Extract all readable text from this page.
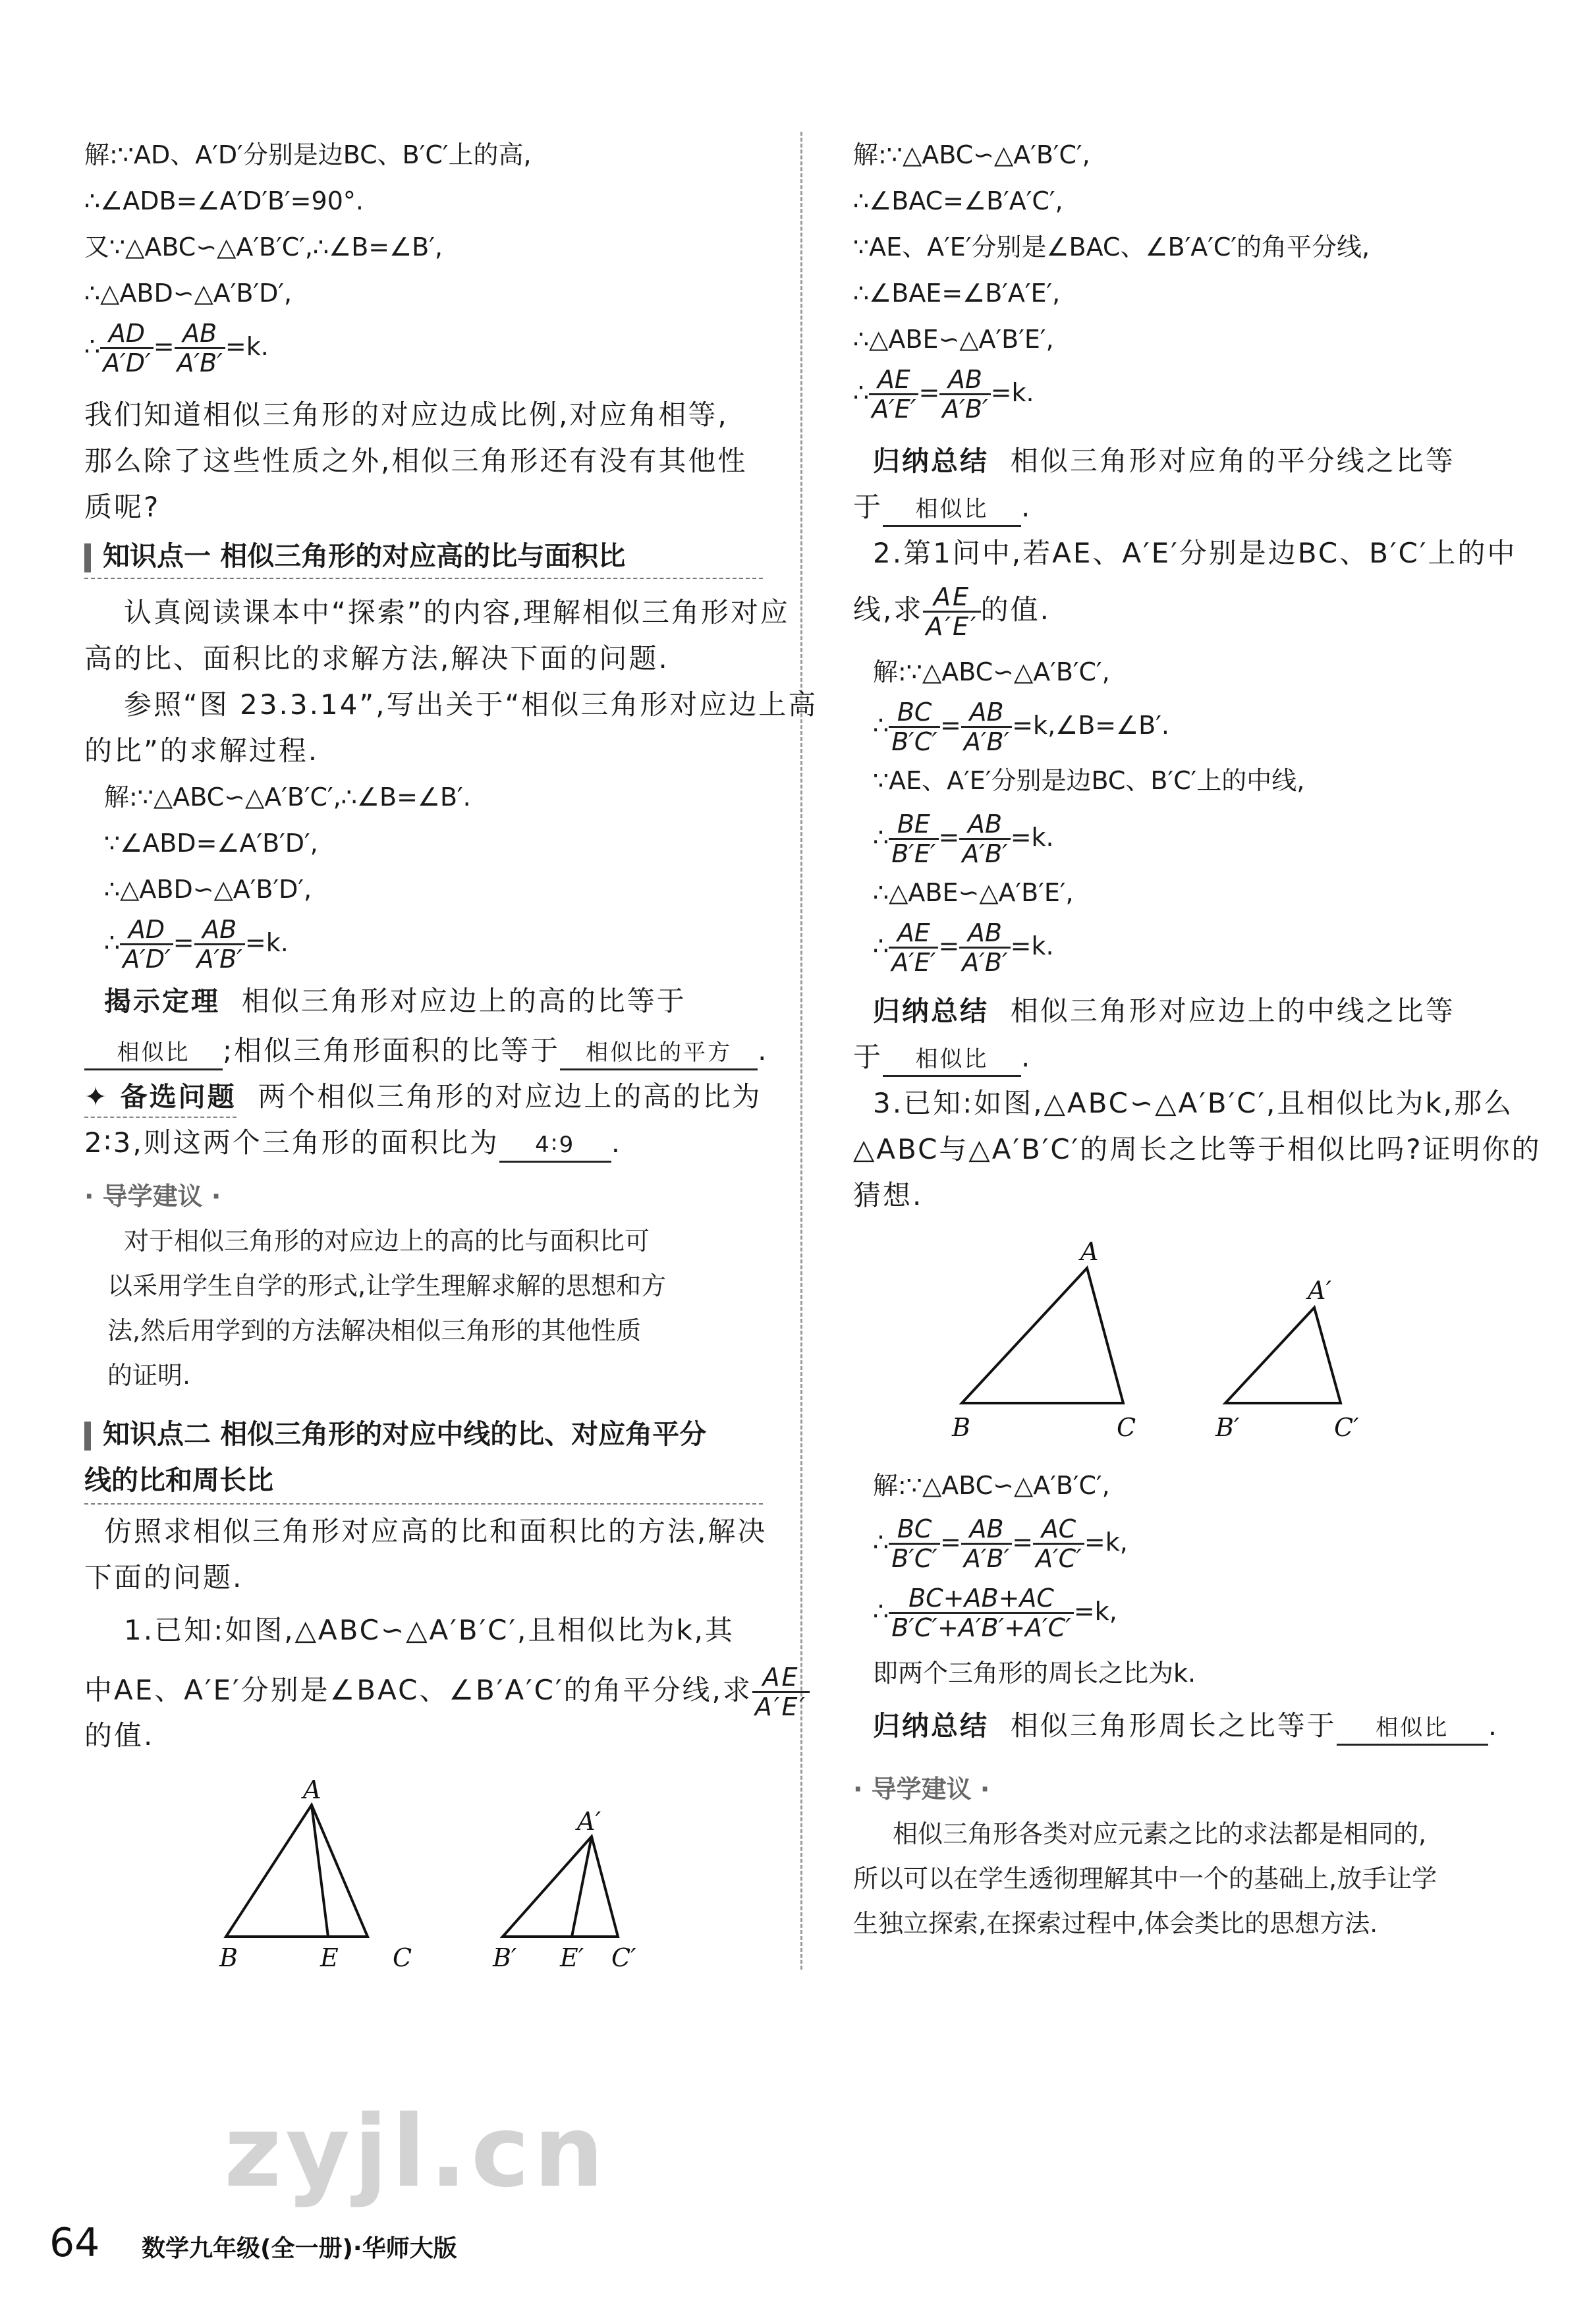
解:∵AD、A′D′分别是边BC、B′C′上的高,
∴∠ADB=∠A′D′B′=90°.
又∵△ABC∽△A′B′C′,∴∠B=∠B′,
∴△ABD∽△A′B′D′,
∴ $\frac{AD}{A'D'} = \frac{AB}{A'B'} =k$.
我们知道相似三角形的对应边成比例,对应角相等,
那么除了这些性质之外,相似三角形还有没有其他性
质呢?
知识点一 相似三角形的对应高的比与面积比
认真阅读课本中“探索”的内容,理解相似三角形对应
高的比、面积比的求解方法,解决下面的问题.
参照“图 23.3.14”,写出关于“相似三角形对应边上高
的比”的求解过程.
解:∵△ABC∽△A′B′C′,∴∠B=∠B′.
∵∠ABD=∠A′B′D′,
∴△ABD∽△A′B′D′,
∴ $\frac{AD}{A'D'} = \frac{AB}{A'B'} =k$.
揭示定理 相似三角形对应边上的高的比等于
相似比 ;相似三角形面积的比等于 相似比的平方 .
✦ 备选问题 两个相似三角形的对应边上的高的比为
2∶3,则这两个三角形的面积比为 4∶9 .
· 导学建议 ·
对于相似三角形的对应边上的高的比与面积比可
以采用学生自学的形式,让学生理解求解的思想和方
法,然后用学到的方法解决相似三角形的其他性质
的证明.
知识点二 相似三角形的对应中线的比、对应角平分
线的比和周长比
仿照求相似三角形对应高的比和面积比的方法,解决
下面的问题.
1.已知:如图,△ABC∽△A′B′C′,且相似比为k,其
中AE、A′E′分别是∠BAC、∠B′A′C′的角平分线,求 $\frac{AE}{A'E'}$
的值.
A
B	E C
A′
B′ E′ C′
解:∵△ABC∽△A′B′C′,
∴∠BAC=∠B′A′C′,
∵AE、A′E′分别是∠BAC、∠B′A′C′的角平分线,
∴∠BAE=∠B′A′E′,
∴△ABE∽△A′B′E′,
∴ $\frac{AE}{A'E'} = \frac{AB}{A'B'} =k$.
归纳总结 相似三角形对应角的平分线之比等
于 相似比 .
2.第1问中,若AE、A′E′分别是边BC、B′C′上的中
线,求 $\frac{AE}{A'E'}$ 的值.
解:∵△ABC∽△A′B′C′,
∴ $\frac{BC}{B'C'} = \frac{AB}{A'B'}$ =k,∠B=∠B′.
∵AE、A′E′分别是边BC、B′C′上的中线,
∴ $\frac{BE}{B'E'} = \frac{AB}{A'B'} =k$.
∴△ABE∽△A′B′E′,
∴ $\frac{AE}{A'E'} = \frac{AB}{A'B'} =k$.
归纳总结 相似三角形对应边上的中线之比等
于 相似比 .
3.已知:如图,△ABC∽△A′B′C′,且相似比为k,那么
△ABC与△A′B′C′的周长之比等于相似比吗?证明你的
猜想.
A
B	C
A′
B′	C′
解:∵△ABC∽△A′B′C′,
∴ $\frac{BC}{B'C'} = \frac{AB}{A'B'} = \frac{AC}{A'C'} =k$,
∴ $\frac{BC+AB+AC}{B'C'+A'B'+A'C'} =k$,
即两个三角形的周长之比为k.
归纳总结 相似三角形周长之比等于 相似比 .
· 导学建议 ·
相似三角形各类对应元素之比的求法都是相同的,
所以可以在学生透彻理解其中一个的基础上,放手让学
生独立探索,在探索过程中,体会类比的思想方法.
zyjl.cn
64 数学九年级(全一册)·华师大版
